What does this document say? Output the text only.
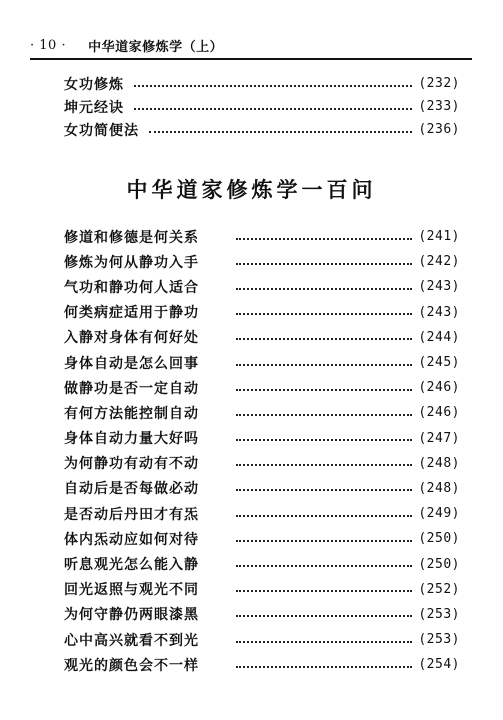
· 10 · 中华道家修炼学（上）
女功修炼	(232)
坤元经诀	(233)
女功简便法	(236)
中华道家修炼学一百问
修道和修德是何关系	(241)
修炼为何从静功入手	(242)
气功和静功何人适合	(243)
何类病症适用于静功	(243)
入静对身体有何好处	(244)
身体自动是怎么回事	(245)
做静功是否一定自动	(246)
有何方法能控制自动	(246)
身体自动力量大好吗	(247)
为何静功有动有不动	(248)
自动后是否每做必动	(248)
是否动后丹田才有炁	(249)
体内炁动应如何对待	(250)
听息观光怎么能入静	(250)
回光返照与观光不同	(252)
为何守静仍两眼漆黑	(253)
心中高兴就看不到光	(253)
观光的颜色会不一样	(254)
